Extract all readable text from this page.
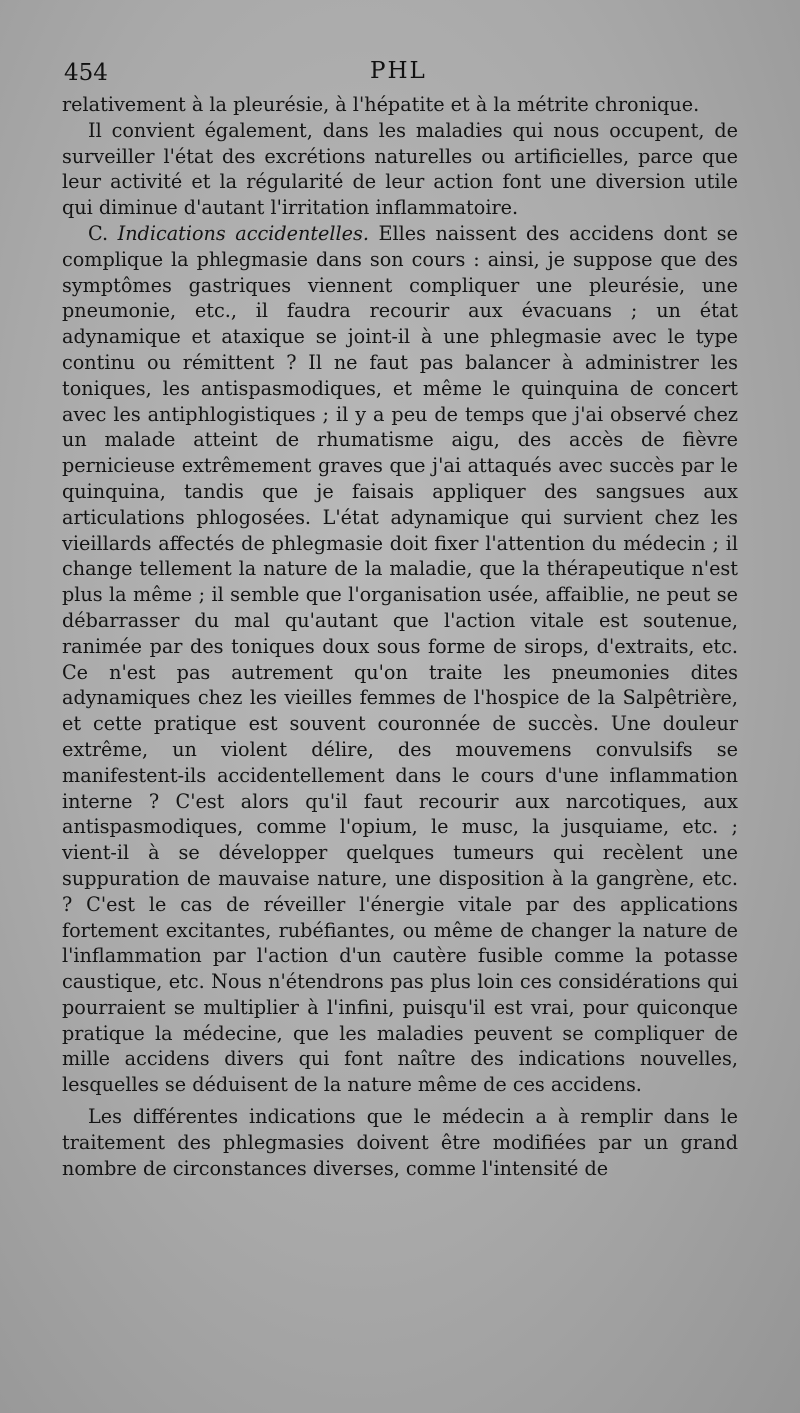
454	PHL

relativement à la pleurésie, à l'hépatite et à la métrite chronique.

Il convient également, dans les maladies qui nous occupent, de surveiller l'état des excrétions naturelles ou artificielles, parce que leur activité et la régularité de leur action font une diversion utile qui diminue d'autant l'irritation inflammatoire.

C. Indications accidentelles. Elles naissent des accidens dont se complique la phlegmasie dans son cours : ainsi, je suppose que des symptômes gastriques viennent compliquer une pleurésie, une pneumonie, etc., il faudra recourir aux évacuans ; un état adynamique et ataxique se joint-il à une phlegmasie avec le type continu ou rémittent ? Il ne faut pas balancer à administrer les toniques, les antispasmodiques, et même le quinquina de concert avec les antiphlogistiques ; il y a peu de temps que j'ai observé chez un malade atteint de rhumatisme aigu, des accès de fièvre pernicieuse extrêmement graves que j'ai attaqués avec succès par le quinquina, tandis que je faisais appliquer des sangsues aux articulations phlogosées. L'état adynamique qui survient chez les vieillards affectés de phlegmasie doit fixer l'attention du médecin ; il change tellement la nature de la maladie, que la thérapeutique n'est plus la même ; il semble que l'organisation usée, affaiblie, ne peut se débarrasser du mal qu'autant que l'action vitale est soutenue, ranimée par des toniques doux sous forme de sirops, d'extraits, etc. Ce n'est pas autrement qu'on traite les pneumonies dites adynamiques chez les vieilles femmes de l'hospice de la Salpêtrière, et cette pratique est souvent couronnée de succès. Une douleur extrême, un violent délire, des mouvemens convulsifs se manifestent-ils accidentellement dans le cours d'une inflammation interne ? C'est alors qu'il faut recourir aux narcotiques, aux antispasmodiques, comme l'opium, le musc, la jusquiame, etc. ; vient-il à se développer quelques tumeurs qui recèlent une suppuration de mauvaise nature, une disposition à la gangrène, etc. ? C'est le cas de réveiller l'énergie vitale par des applications fortement excitantes, rubéfiantes, ou même de changer la nature de l'inflammation par l'action d'un cautère fusible comme la potasse caustique, etc. Nous n'étendrons pas plus loin ces considérations qui pourraient se multiplier à l'infini, puisqu'il est vrai, pour quiconque pratique la médecine, que les maladies peuvent se compliquer de mille accidens divers qui font naître des indications nouvelles, lesquelles se déduisent de la nature même de ces accidens.

Les différentes indications que le médecin a à remplir dans le traitement des phlegmasies doivent être modifiées par un grand nombre de circonstances diverses, comme l'intensité de
